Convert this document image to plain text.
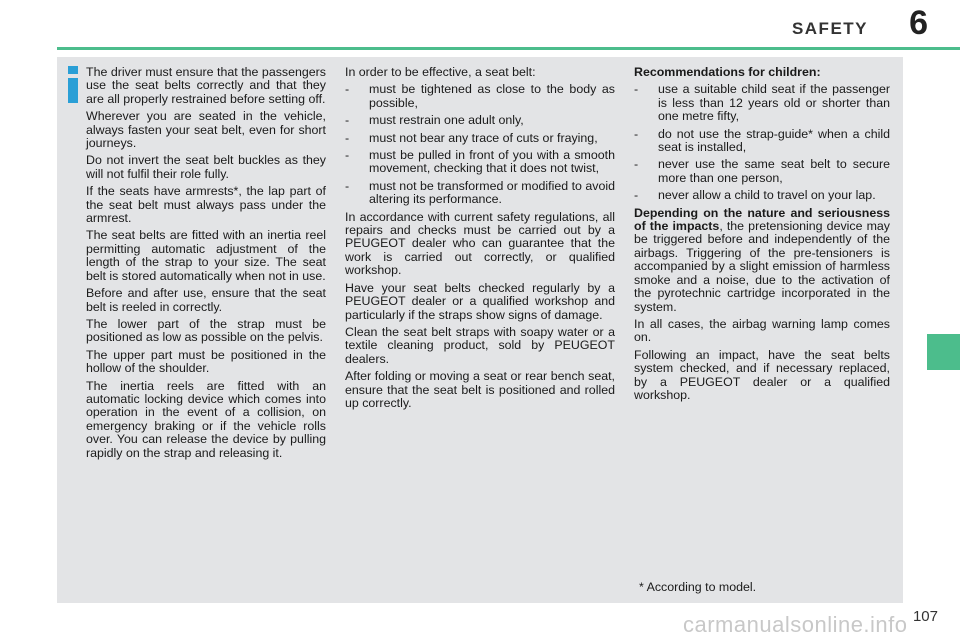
SAFETY 6

The driver must ensure that the passengers use the seat belts correctly and that they are all properly restrained before setting off.

Wherever you are seated in the vehicle, always fasten your seat belt, even for short journeys.

Do not invert the seat belt buckles as they will not fulfil their role fully.

If the seats have armrests*, the lap part of the seat belt must always pass under the armrest.

The seat belts are fitted with an inertia reel permitting automatic adjustment of the length of the strap to your size. The seat belt is stored automatically when not in use.

Before and after use, ensure that the seat belt is reeled in correctly.

The lower part of the strap must be positioned as low as possible on the pelvis.

The upper part must be positioned in the hollow of the shoulder.

The inertia reels are fitted with an automatic locking device which comes into operation in the event of a collision, on emergency braking or if the vehicle rolls over. You can release the device by pulling rapidly on the strap and releasing it.

In order to be effective, a seat belt:

- must be tightened as close to the body as possible,
- must restrain one adult only,
- must not bear any trace of cuts or fraying,
- must be pulled in front of you with a smooth movement, checking that it does not twist,
- must not be transformed or modified to avoid altering its performance.

In accordance with current safety regulations, all repairs and checks must be carried out by a PEUGEOT dealer who can guarantee that the work is carried out correctly, or qualified workshop.

Have your seat belts checked regularly by a PEUGEOT dealer or a qualified workshop and particularly if the straps show signs of damage.

Clean the seat belt straps with soapy water or a textile cleaning product, sold by PEUGEOT dealers.

After folding or moving a seat or rear bench seat, ensure that the seat belt is positioned and rolled up correctly.

Recommendations for children:

- use a suitable child seat if the passenger is less than 12 years old or shorter than one metre fifty,
- do not use the strap-guide* when a child seat is installed,
- never use the same seat belt to secure more than one person,
- never allow a child to travel on your lap.

Depending on the nature and seriousness of the impacts, the pretensioning device may be triggered before and independently of the airbags. Triggering of the pre-tensioners is accompanied by a slight emission of harmless smoke and a noise, due to the activation of the pyrotechnic cartridge incorporated in the system.

In all cases, the airbag warning lamp comes on.

Following an impact, have the seat belts system checked, and if necessary replaced, by a PEUGEOT dealer or a qualified workshop.

* According to model.
carmanualsonline.info 107
